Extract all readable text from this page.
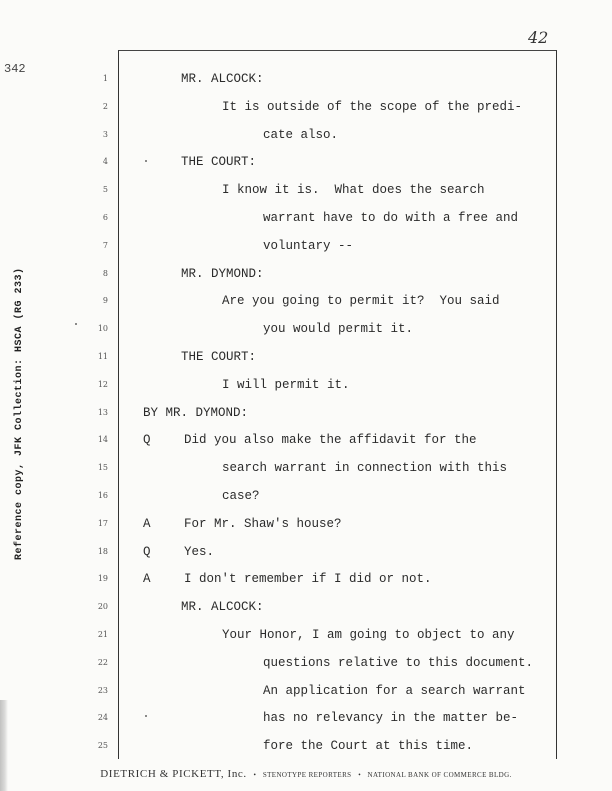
342
42
Reference copy, JFK Collection: HSCA (RG 233)
1	MR. ALCOCK:
2	It is outside of the scope of the predi-
3	cate also.
4	THE COURT:
5	I know it is.  What does the search
6	warrant have to do with a free and
7	voluntary --
8	MR. DYMOND:
9	Are you going to permit it?  You said
10	you would permit it.
11	THE COURT:
12	I will permit it.
13	BY MR. DYMOND:
14	Q	Did you also make the affidavit for the
15	search warrant in connection with this
16	case?
17	A	For Mr. Shaw's house?
18	Q	Yes.
19	A	I don't remember if I did or not.
20	MR. ALCOCK:
21	Your Honor, I am going to object to any
22	questions relative to this document.
23	An application for a search warrant
24	has no relevancy in the matter be-
25	fore the Court at this time.
DIETRICH & PICKETT, Inc. • STENOTYPE REPORTERS • NATIONAL BANK OF COMMERCE BLDG.
